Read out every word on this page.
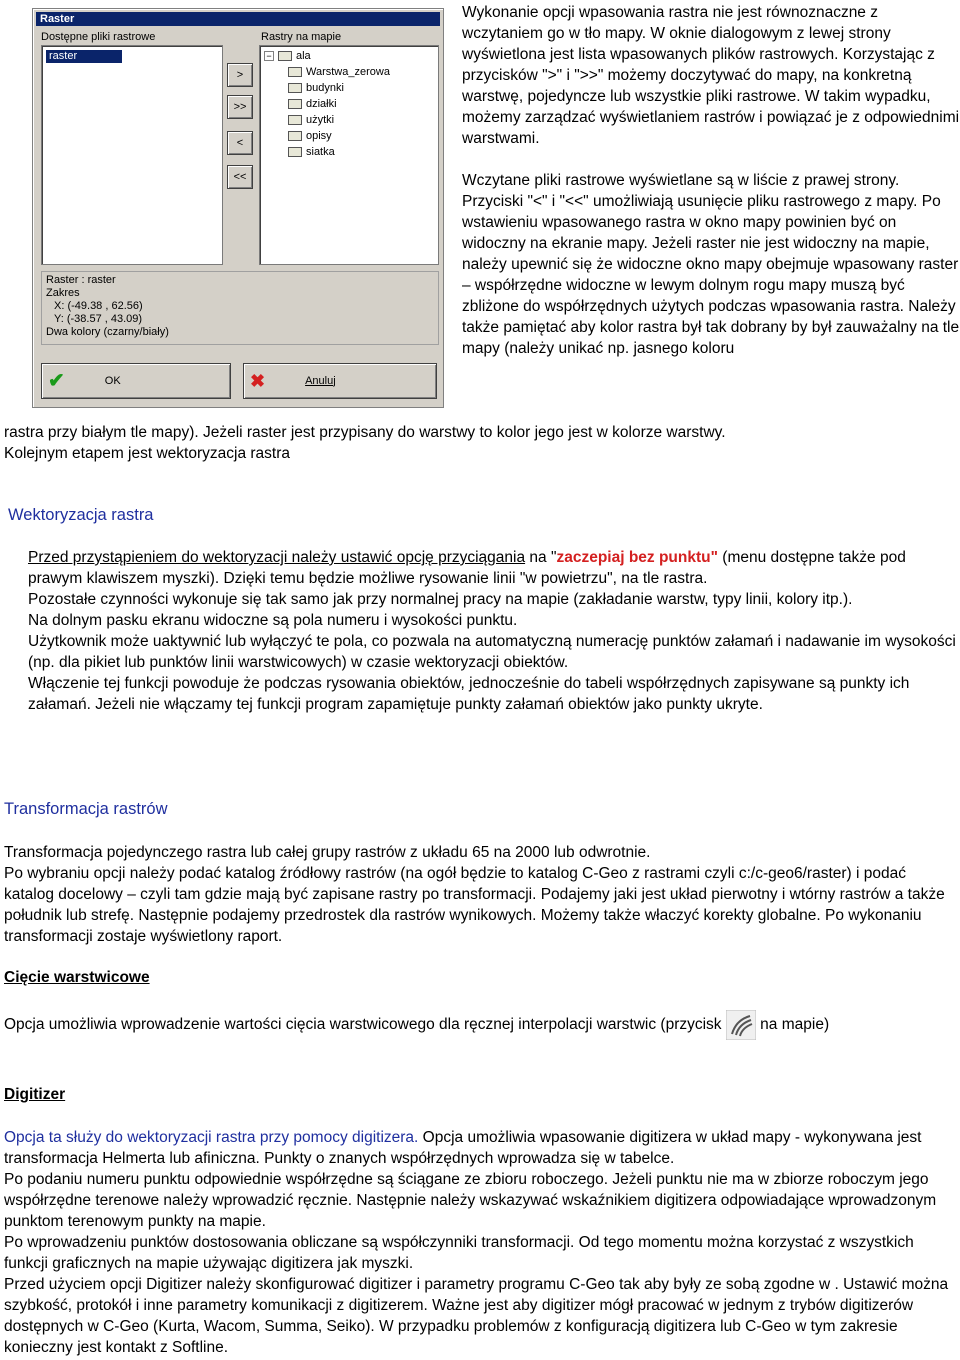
Raster
Dostępne pliki rastrowe	Rastry na mapie
raster
>
>>
<
<<
− ala
Warstwa_zerowa
budynki
działki
użytki
opisy
siatka
Raster : raster
Zakres
X: (-49.38 , 62.56)
Y: (-38.57 , 43.09)
Dwa kolory (czarny/biały)
✔	OK	✖	Anuluj

Wykonanie opcji wpasowania rastra nie jest równoznaczne z wczytaniem go w tło mapy. W oknie dialogowym z lewej strony wyświetlona jest lista wpasowanych plików rastrowych. Korzystając z przycisków ">" i ">>" możemy doczytywać do mapy, na konkretną warstwę, pojedyncze lub wszystkie pliki rastrowe. W takim wypadku, możemy zarządzać wyświetlaniem rastrów i powiązać je z odpowiednimi warstwami.

Wczytane pliki rastrowe wyświetlane są w liście z prawej strony.

Przyciski "<" i "<<" umożliwiają usunięcie pliku rastrowego z mapy. Po wstawieniu wpasowanego rastra w okno mapy powinien być on widoczny na ekranie mapy. Jeżeli raster nie jest widoczny na mapie, należy upewnić się że widoczne okno mapy obejmuje wpasowany raster – współrzędne widoczne w lewym dolnym rogu mapy muszą być zbliżone do współrzędnych użytych podczas wpasowania rastra. Należy także pamiętać aby kolor rastra był tak dobrany by był zauważalny na tle mapy (należy unikać np. jasnego koloru

rastra przy białym tle mapy). Jeżeli raster jest przypisany do warstwy to kolor jego jest w kolorze warstwy.

Kolejnym etapem jest wektoryzacja rastra

Wektoryzacja rastra

Przed przystąpieniem do wektoryzacji należy ustawić opcję przyciągania na "zaczepiaj bez punktu" (menu dostępne także pod prawym klawiszem myszki). Dzięki temu będzie możliwe rysowanie linii "w powietrzu", na tle rastra.

Pozostałe czynności wykonuje się tak samo jak przy normalnej pracy na mapie (zakładanie warstw, typy linii, kolory itp.).

Na dolnym pasku ekranu widoczne są pola numeru i wysokości punktu.

Użytkownik może uaktywnić lub wyłączyć te pola, co pozwala na automatyczną numerację punktów załamań i nadawanie im wysokości (np. dla pikiet lub punktów linii warstwicowych) w czasie wektoryzacji obiektów.

Włączenie tej funkcji powoduje że podczas rysowania obiektów, jednocześnie do tabeli współrzędnych zapisywane są punkty ich załamań. Jeżeli nie włączamy tej funkcji program zapamiętuje punkty załamań obiektów jako punkty ukryte.

Transformacja rastrów

Transformacja pojedynczego rastra lub całej grupy rastrów z układu 65 na 2000 lub odwrotnie.

Po wybraniu opcji należy podać katalog źródłowy rastrów (na ogół będzie to katalog C-Geo z rastrami czyli c:/c-geo6/raster) i podać katalog docelowy – czyli tam gdzie mają być zapisane rastry po transformacji. Podajemy jaki jest układ pierwotny i wtórny rastrów a także południk lub strefę. Następnie podajemy przedrostek dla rastrów wynikowych. Możemy także właczyć korekty globalne. Po wykonaniu transformacji zostaje wyświetlony raport.

Cięcie warstwicowe

Opcja umożliwia wprowadzenie wartości cięcia warstwicowego dla ręcznej interpolacji warstwic (przycisk  na mapie)

Digitizer

Opcja ta służy do wektoryzacji rastra przy pomocy digitizera. Opcja umożliwia wpasowanie digitizera w układ mapy - wykonywana jest transformacja Helmerta lub afiniczna. Punkty o znanych współrzędnych wprowadza się w tabelce.

Po podaniu numeru punktu odpowiednie współrzędne są ściągane ze zbioru roboczego. Jeżeli punktu nie ma w zbiorze roboczym jego współrzędne terenowe należy wprowadzić ręcznie. Następnie należy wskazywać wskaźnikiem digitizera odpowiadające wprowadzonym punktom terenowym punkty na mapie.

Po wprowadzeniu punktów dostosowania obliczane są współczynniki transformacji. Od tego momentu można korzystać z wszystkich funkcji graficznych na mapie używając digitizera jak myszki.

Przed użyciem opcji Digitizer należy skonfigurować digitizer i parametry programu C-Geo tak aby były ze sobą zgodne w . Ustawić można szybkość, protokół i inne parametry komunikacji z digitizerem. Ważne jest aby digitizer mógł pracować w jednym z trybów digitizerów dostępnych w C-Geo (Kurta, Wacom, Summa, Seiko). W przypadku problemów z konfiguracją digitizera lub C-Geo w tym zakresie konieczny jest kontakt z Softline.
